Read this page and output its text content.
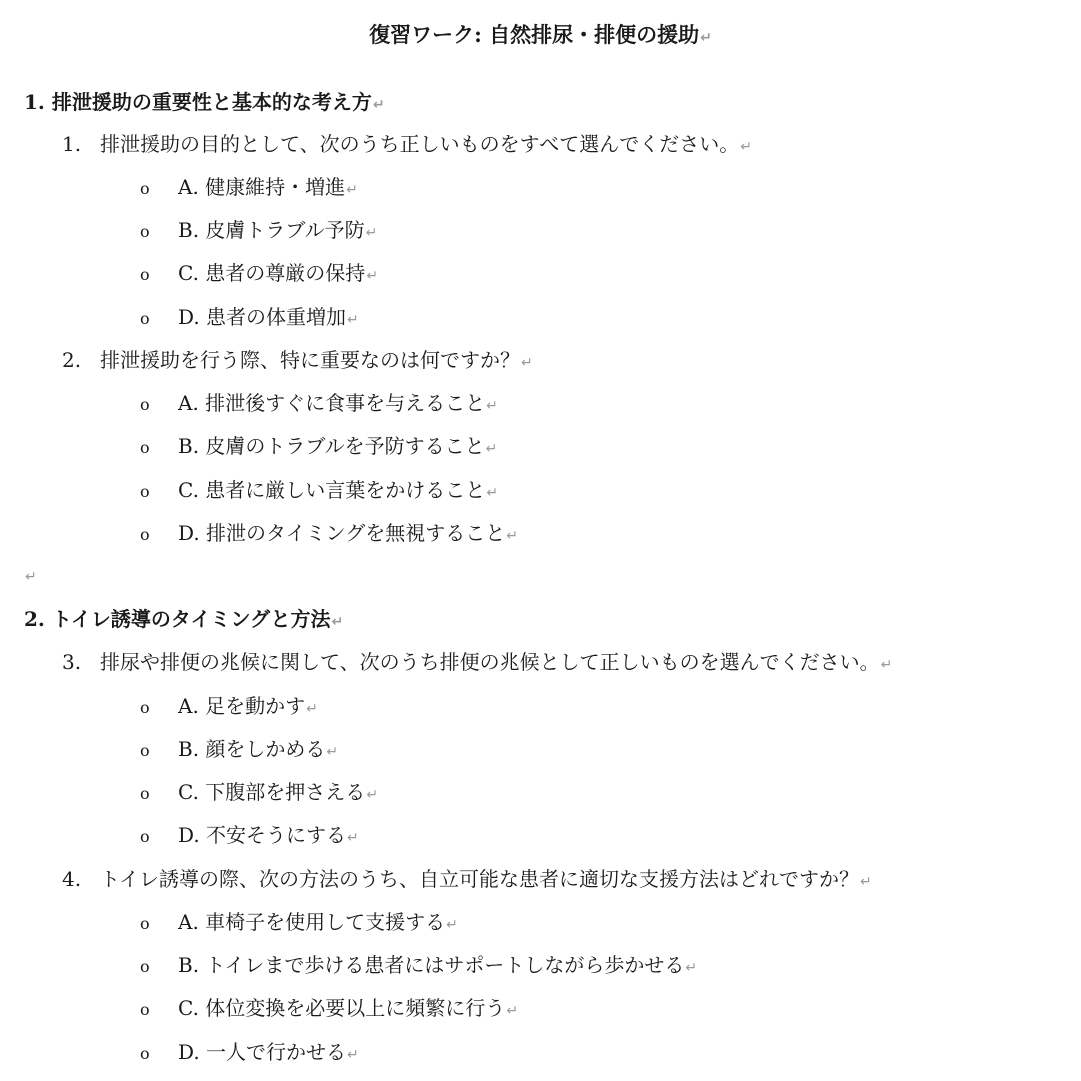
復習ワーク: 自然排尿・排便の援助↵
1. 排泄援助の重要性と基本的な考え方↵
1. 排泄援助の目的として、次のうち正しいものをすべて選んでください。↵
o A. 健康維持・増進↵
o B. 皮膚トラブル予防↵
o C. 患者の尊厳の保持↵
o D. 患者の体重増加↵
2. 排泄援助を行う際、特に重要なのは何ですか？↵
o A. 排泄後すぐに食事を与えること↵
o B. 皮膚のトラブルを予防すること↵
o C. 患者に厳しい言葉をかけること↵
o D. 排泄のタイミングを無視すること↵
↵
2. トイレ誘導のタイミングと方法↵
3. 排尿や排便の兆候に関して、次のうち排便の兆候として正しいものを選んでください。↵
o A. 足を動かす↵
o B. 顔をしかめる↵
o C. 下腹部を押さえる↵
o D. 不安そうにする↵
4. トイレ誘導の際、次の方法のうち、自立可能な患者に適切な支援方法はどれですか？↵
o A. 車椅子を使用して支援する↵
o B. トイレまで歩ける患者にはサポートしながら歩かせる↵
o C. 体位変換を必要以上に頻繁に行う↵
o D. 一人で行かせる↵
